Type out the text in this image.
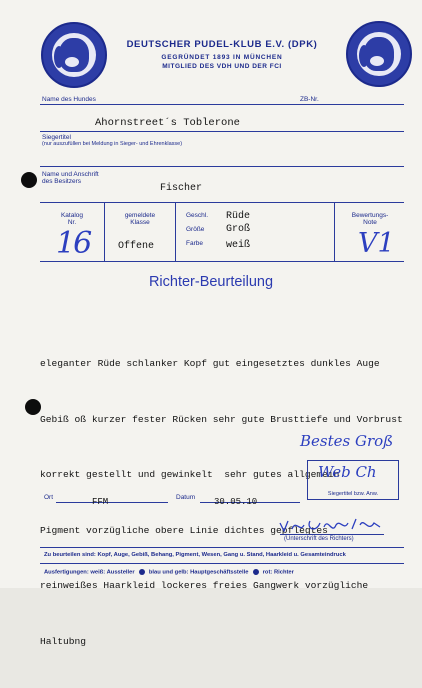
DEUTSCHER PUDEL-KLUB E.V. (DPK)
GEGRÜNDET 1893 IN MÜNCHEN
MITGLIED DES VDH UND DER FCI
Name des Hundes	ZB-Nr.
Ahornstreet´s Toblerone
Siegertitel
(nur auszufüllen bei Meldung in Sieger- und Ehrenklasse)
Name und Anschrift
des Besitzers
Fischer
Katalog
Nr.
16
gemeldete
Klasse
Offene
Geschl. Rüde
Größe Groß
Farbe weiß
Bewertungs-
Note
V1
Richter-Beurteilung

eleganter Rüde schlanker Kopf gut eingesetztes dunkles Auge

Gebiß oß kurzer fester Rücken sehr gute Brusttiefe und Vorbrust

korrekt gestellt und gewinkelt  sehr gutes allgemein

Pigment vorzügliche obere Linie dichtes gepflegtes

reinweißes Haarkleid lockeres freies Gangwerk vorzügliche

Haltubng

Bestes Groß
Web Ch
Siegertitel bzw. Anw.
Ort	FFM	Datum 30.05.10
(Unterschrift des Richters)
Zu beurteilen sind: Kopf, Auge, Gebiß, Behang, Pigment, Wesen, Gang u. Stand, Haarkleid u. Gesamteindruck
Ausfertigungen: weiß: Aussteller blau und gelb: Hauptgeschäftsstelle rot: Richter
